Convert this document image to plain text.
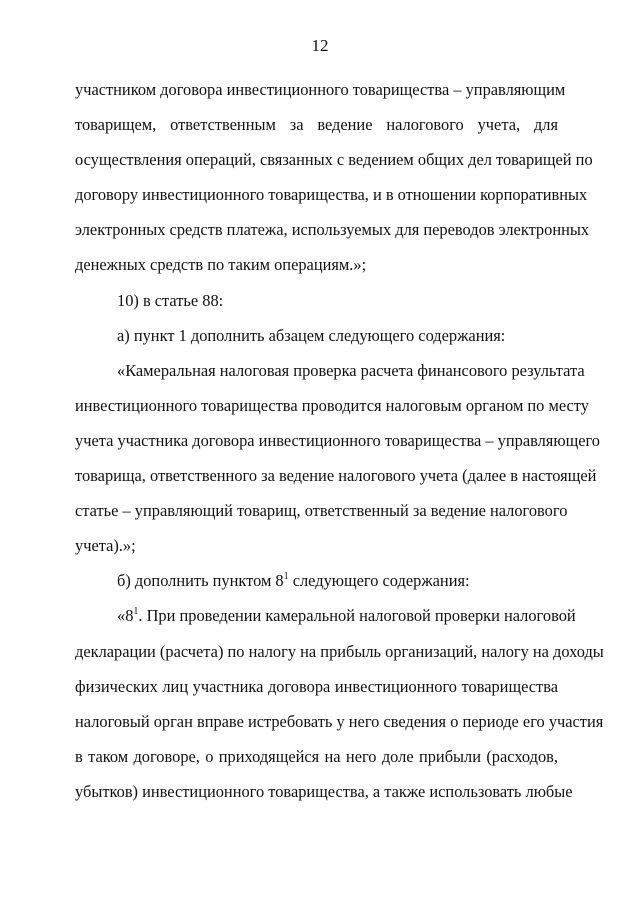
12
участником договора инвестиционного товарищества – управляющим
товарищем, ответственным за ведение налогового учета, для
осуществления операций, связанных с ведением общих дел товарищей по
договору инвестиционного товарищества, и в отношении корпоративных
электронных средств платежа, используемых для переводов электронных
денежных средств по таким операциям.»;
10) в статье 88:
а) пункт 1 дополнить абзацем следующего содержания:
«Камеральная налоговая проверка расчета финансового результата
инвестиционного товарищества проводится налоговым органом по месту
учета участника договора инвестиционного товарищества – управляющего
товарища, ответственного за ведение налогового учета (далее в настоящей
статье – управляющий товарищ, ответственный за ведение налогового
учета).»;
б) дополнить пунктом $8^1$ следующего содержания:
«$8^1$. При проведении камеральной налоговой проверки налоговой
декларации (расчета) по налогу на прибыль организаций, налогу на доходы
физических лиц участника договора инвестиционного товарищества
налоговый орган вправе истребовать у него сведения о периоде его участия
в таком договоре, о приходящейся на него доле прибыли (расходов,
убытков) инвестиционного товарищества, а также использовать любые
